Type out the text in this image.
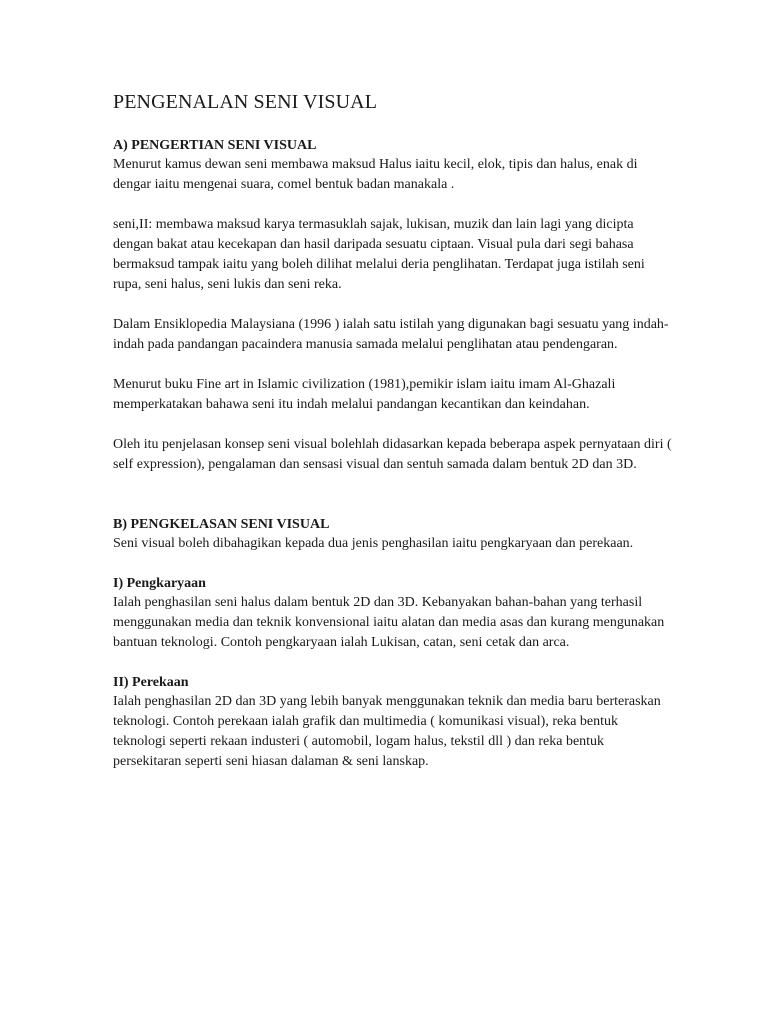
PENGENALAN SENI VISUAL

A) PENGERTIAN SENI VISUAL

Menurut kamus dewan seni membawa maksud Halus iaitu kecil, elok, tipis dan halus, enak di dengar iaitu mengenai suara, comel bentuk badan manakala .

seni,II: membawa maksud karya termasuklah sajak, lukisan, muzik dan lain lagi yang dicipta dengan bakat atau kecekapan dan hasil daripada sesuatu ciptaan. Visual pula dari segi bahasa bermaksud tampak iaitu yang boleh dilihat melalui deria penglihatan. Terdapat juga istilah seni rupa, seni halus, seni lukis dan seni reka.

Dalam Ensiklopedia Malaysiana (1996 ) ialah satu istilah yang digunakan bagi sesuatu yang indah-indah pada pandangan pacaindera manusia samada melalui penglihatan atau pendengaran.

Menurut buku Fine art in Islamic civilization (1981),pemikir islam iaitu imam Al-Ghazali memperkatakan bahawa seni itu indah melalui pandangan kecantikan dan keindahan.

Oleh itu penjelasan konsep seni visual bolehlah didasarkan kepada beberapa aspek pernyataan diri ( self expression), pengalaman dan sensasi visual dan sentuh samada dalam bentuk 2D dan 3D.

B) PENGKELASAN SENI VISUAL

Seni visual boleh dibahagikan kepada dua jenis penghasilan iaitu pengkaryaan dan perekaan.

I) Pengkaryaan

Ialah penghasilan seni halus dalam bentuk 2D dan 3D. Kebanyakan bahan-bahan yang terhasil menggunakan media dan teknik konvensional iaitu alatan dan media asas dan kurang mengunakan bantuan teknologi. Contoh pengkaryaan ialah Lukisan, catan, seni cetak dan arca.

II) Perekaan

Ialah penghasilan 2D dan 3D yang lebih banyak menggunakan teknik dan media baru berteraskan teknologi. Contoh perekaan ialah grafik dan multimedia ( komunikasi visual), reka bentuk teknologi seperti rekaan industeri ( automobil, logam halus, tekstil dll ) dan reka bentuk persekitaran seperti seni hiasan dalaman & seni lanskap.
